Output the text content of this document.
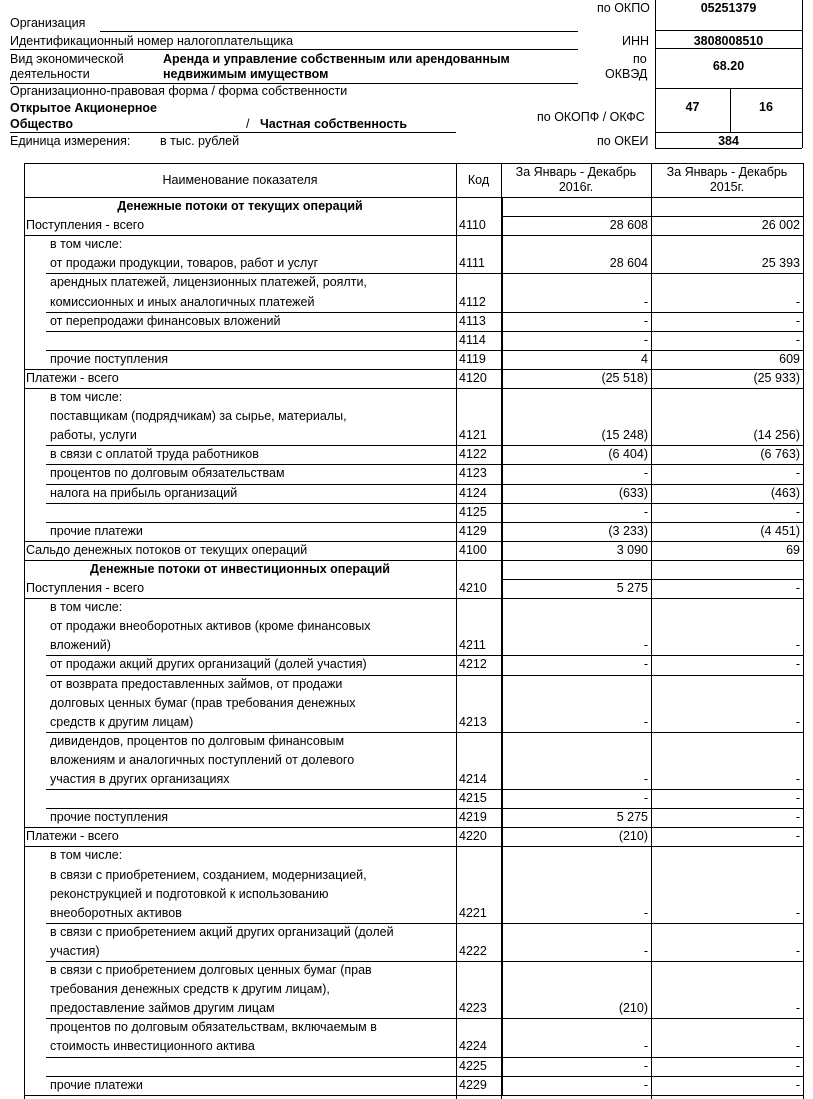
по ОКПО	05251379
Организация
Идентификационный номер налогоплательщика	ИНН	3808008510
Вид экономической
деятельности
Аренда и управление собственным или арендованным
недвижимым имуществом
по
ОКВЭД
68.20
Организационно-правовая форма / форма собственности
Открытое Акционерное
Общество	/ Частная собственность	по ОКОПФ / ОКФС
47	16
Единица измерения: в тыс. рублей	по ОКЕИ	384
Наименование показателя	Код
За Январь - Декабрь
2016г.
За Январь - Декабрь
2015г.
Денежные потоки от текущих операций
Поступления - всего	4110	28 608	26 002
в том числе:
от продажи продукции, товаров, работ и услуг	4111	28 604	25 393
арендных платежей, лицензионных платежей, роялти,
комиссионных и иных аналогичных платежей	4112	-	-
от перепродажи финансовых вложений	4113	-	-
4114	-	-
прочие поступления	4119	4	609
Платежи - всего	4120	(25 518)	(25 933)
в том числе:
поставщикам (подрядчикам) за сырье, материалы,
работы, услуги	4121	(15 248)	(14 256)
в связи с оплатой труда работников	4122	(6 404)	(6 763)
процентов по долговым обязательствам	4123	-	-
налога на прибыль организаций	4124	(633)	(463)
4125	-	-
прочие платежи	4129	(3 233)	(4 451)
Сальдо денежных потоков от текущих операций	4100	3 090	69
Денежные потоки от инвестиционных операций
Поступления - всего	4210	5 275	-
в том числе:
от продажи внеоборотных активов (кроме финансовых
вложений)	4211	-	-
от продажи акций других организаций (долей участия)	4212	-	-
от возврата предоставленных займов, от продажи
долговых ценных бумаг (прав требования денежных
средств к другим лицам)	4213	-	-
дивидендов, процентов по долговым финансовым
вложениям и аналогичных поступлений от долевого
участия в других организациях	4214	-	-
4215	-	-
прочие поступления	4219	5 275	-
Платежи - всего	4220	(210)	-
в том числе:
в связи с приобретением, созданием, модернизацией,
реконструкцией и подготовкой к использованию
внеоборотных активов	4221	-	-
в связи с приобретением акций других организаций (долей
участия)	4222	-	-
в связи с приобретением долговых ценных бумаг (прав
требования денежных средств к другим лицам),
предоставление займов другим лицам	4223	(210)	-
процентов по долговым обязательствам, включаемым в
стоимость инвестиционного актива	4224	-	-
4225	-	-
прочие платежи	4229	-	-
